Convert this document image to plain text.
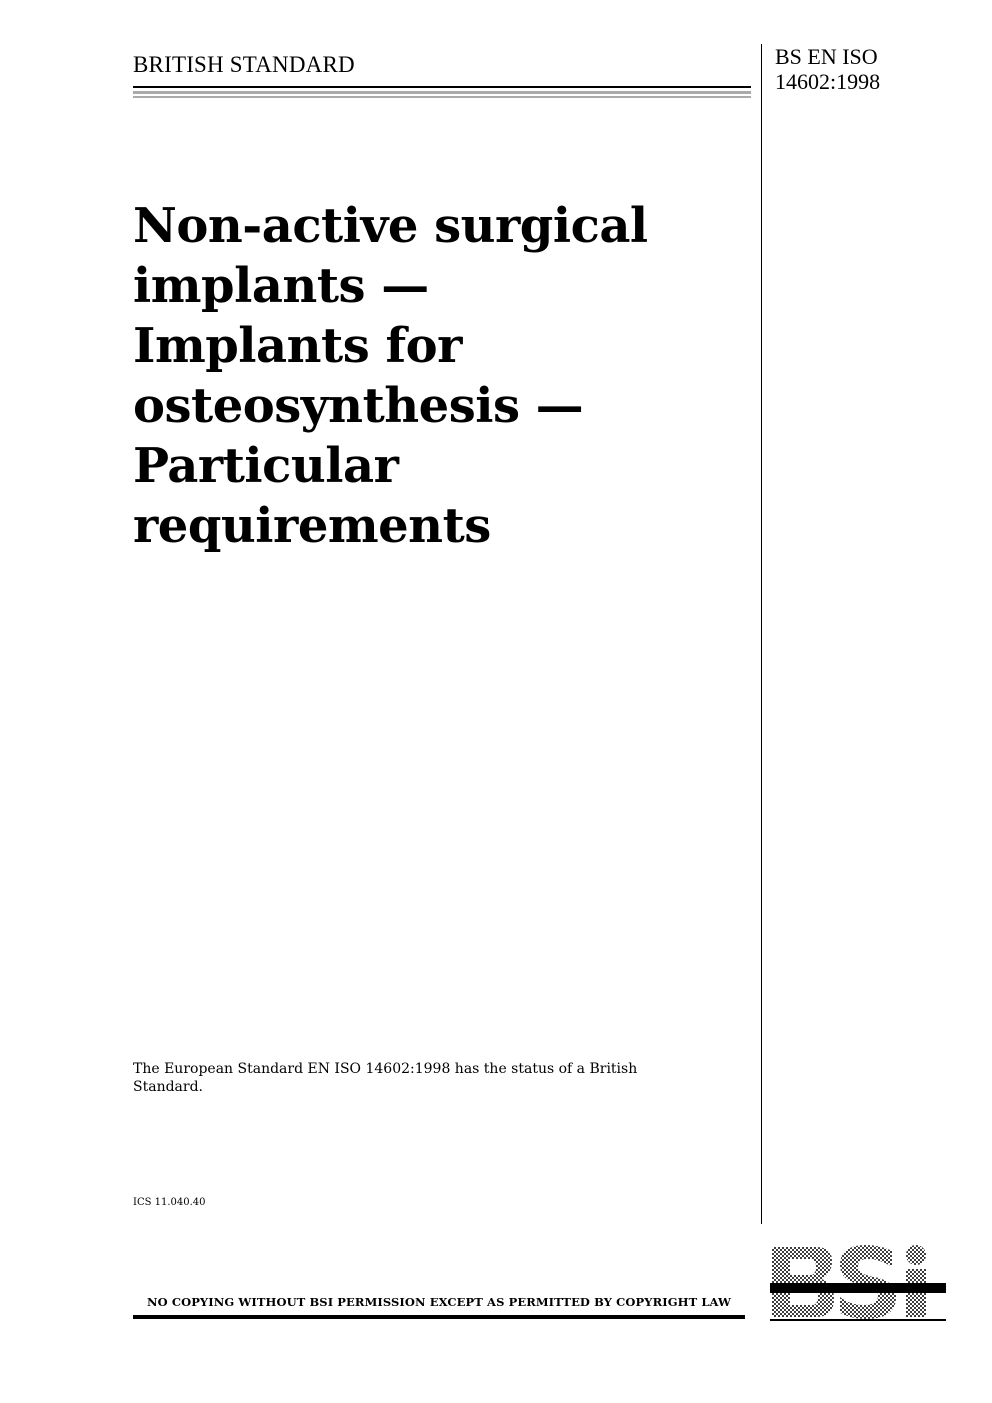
BRITISH STANDARD	BS EN ISO
14602:1998
Non-active surgical
implants —
Implants for
osteosynthesis —
Particular
requirements
The European Standard EN ISO 14602:1998 has the status of a British Standard.
ICS 11.040.40
NO COPYING WITHOUT BSI PERMISSION EXCEPT AS PERMITTED BY COPYRIGHT LAW
BSi
